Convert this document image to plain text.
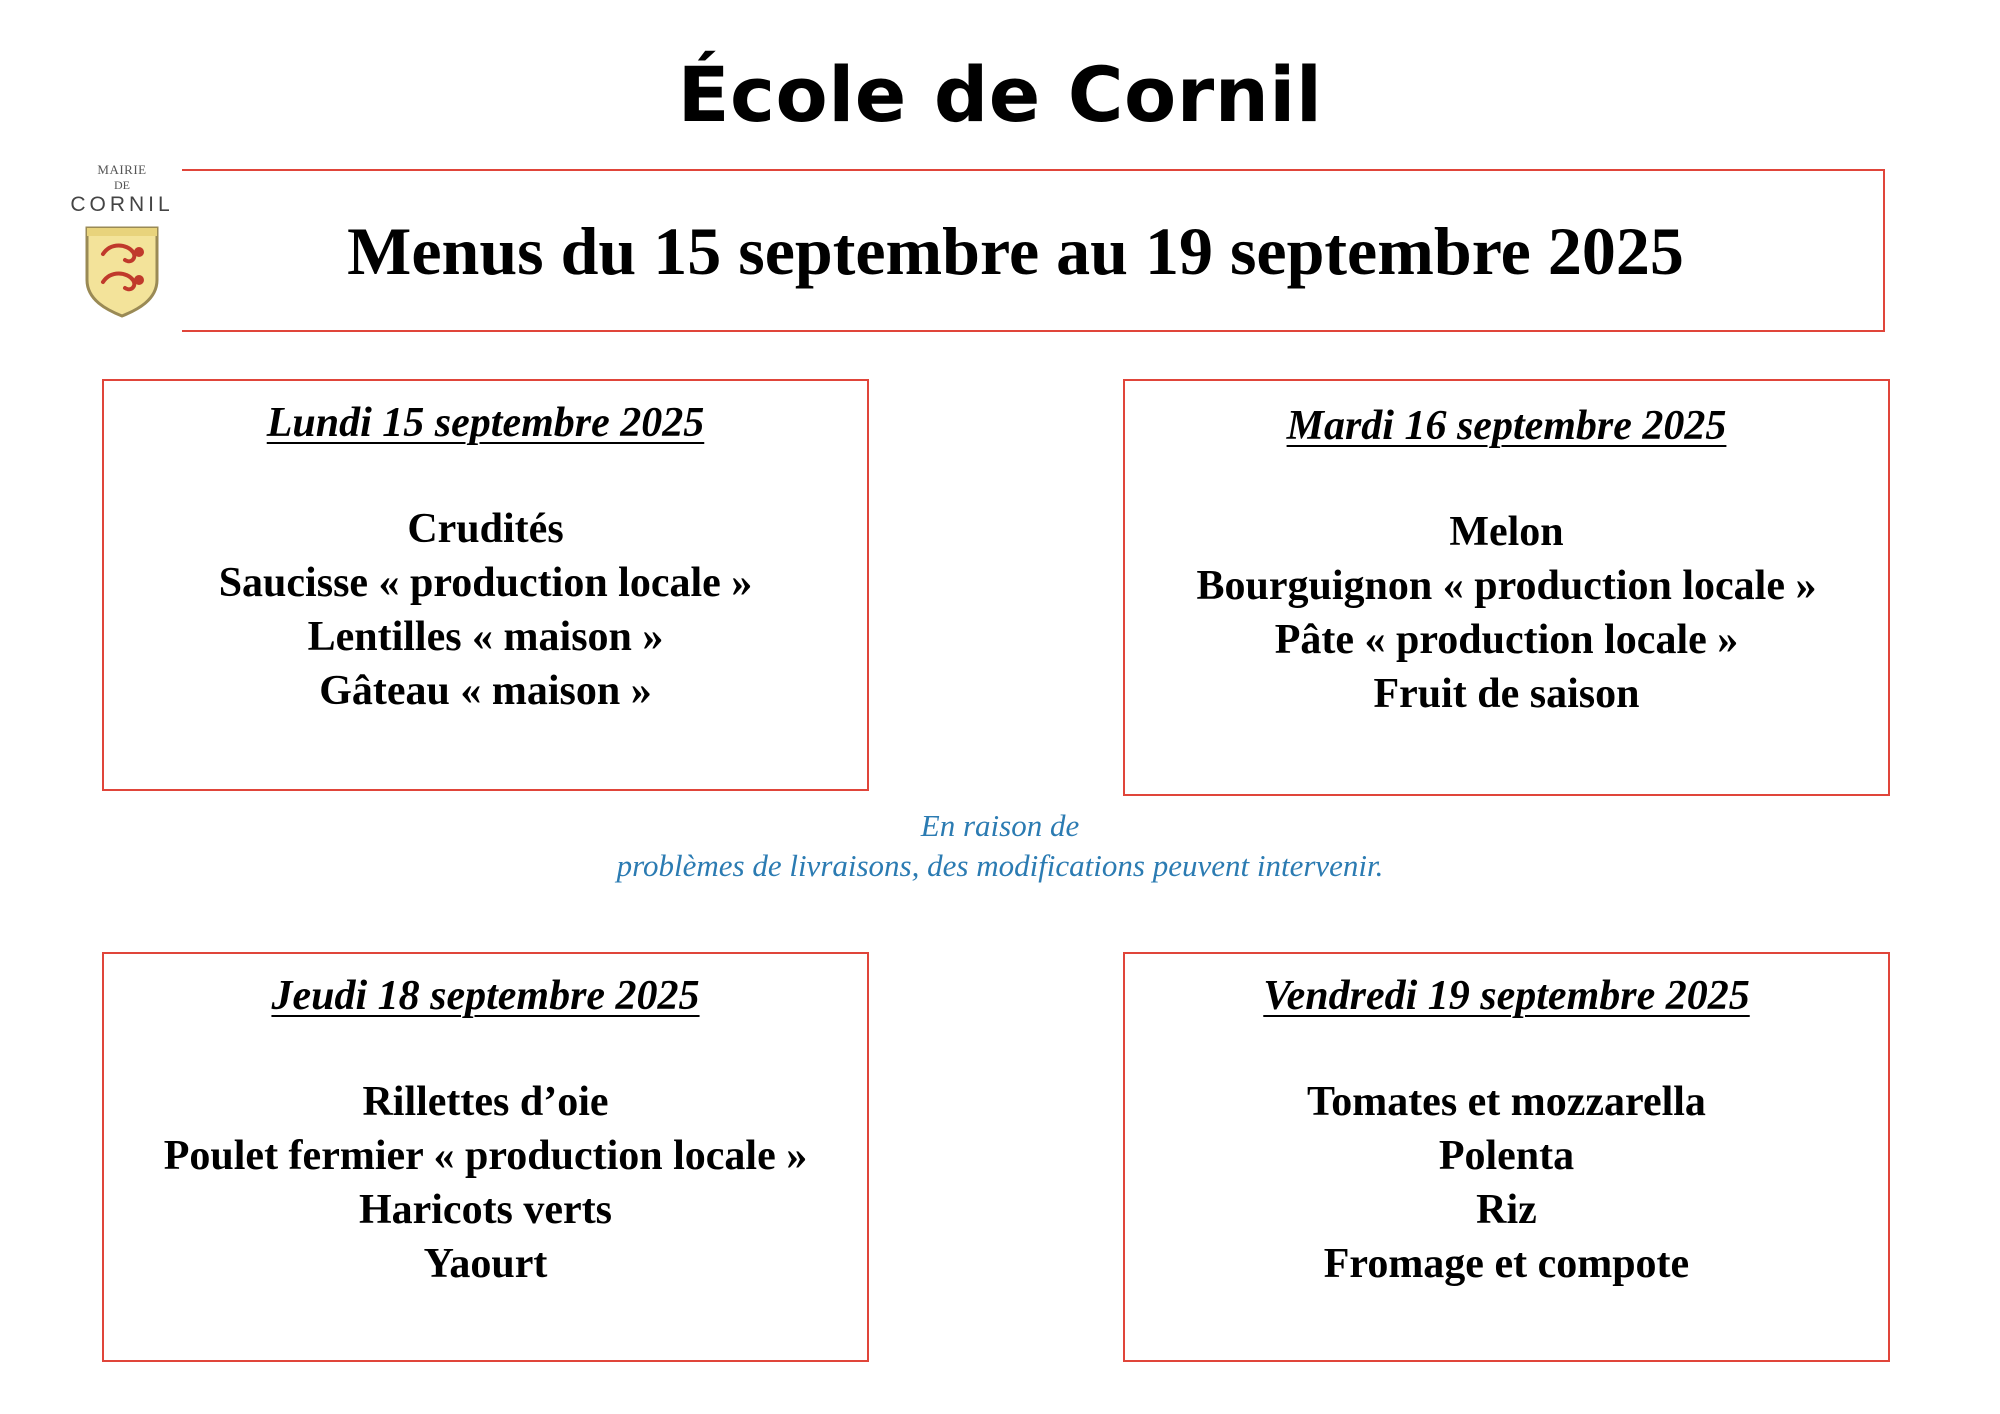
École de Cornil
MAIRIE
DE
CORNIL
Menus du 15 septembre au 19 septembre 2025
Lundi 15 septembre 2025
Crudités
Saucisse « production locale »
Lentilles « maison »
Gâteau « maison »
Mardi 16 septembre 2025
Melon
Bourguignon « production locale »
Pâte « production locale »
Fruit de saison
En raison de
problèmes de livraisons, des modifications peuvent intervenir.
Jeudi 18 septembre 2025
Rillettes d’oie
Poulet fermier « production locale »
Haricots verts
Yaourt
Vendredi 19 septembre 2025
Tomates et mozzarella
Polenta
Riz
Fromage et compote
